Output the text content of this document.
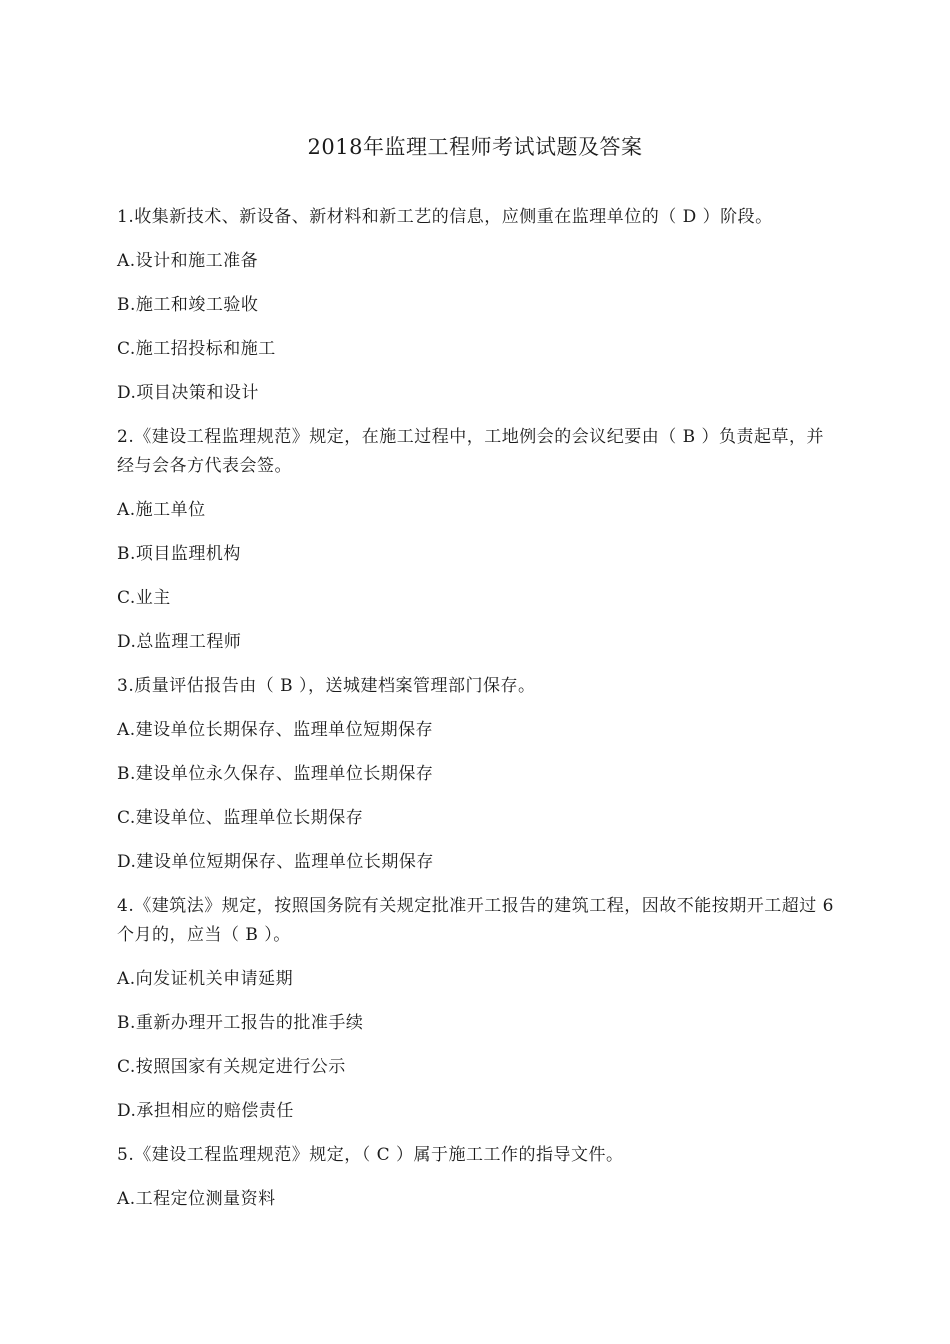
2018年监理工程师考试试题及答案

1.收集新技术、新设备、新材料和新工艺的信息，应侧重在监理单位的（ D ）阶段。

A.设计和施工准备

B.施工和竣工验收

C.施工招投标和施工

D.项目决策和设计

2.《建设工程监理规范》规定，在施工过程中，工地例会的会议纪要由（ B ）负责起草，并经与会各方代表会签。

A.施工单位

B.项目监理机构

C.业主

D.总监理工程师

3.质量评估报告由（ B ），送城建档案管理部门保存。

A.建设单位长期保存、监理单位短期保存

B.建设单位永久保存、监理单位长期保存

C.建设单位、监理单位长期保存

D.建设单位短期保存、监理单位长期保存

4.《建筑法》规定，按照国务院有关规定批准开工报告的建筑工程，因故不能按期开工超过 6 个月的，应当（ B ）。

A.向发证机关申请延期

B.重新办理开工报告的批准手续

C.按照国家有关规定进行公示

D.承担相应的赔偿责任

5.《建设工程监理规范》规定，（ C ）属于施工工作的指导文件。

A.工程定位测量资料
